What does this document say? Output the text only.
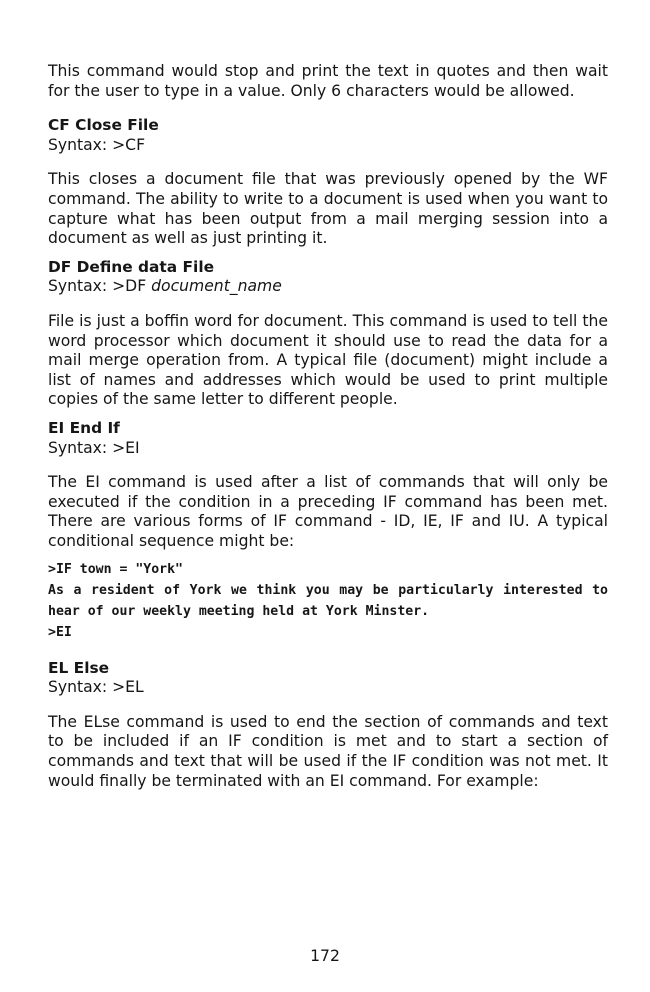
This command would stop and print the text in quotes and then wait for the user to type in a value. Only 6 characters would be allowed.

CF Close File

Syntax: >CF

This closes a document file that was previously opened by the WF command. The ability to write to a document is used when you want to capture what has been output from a mail merging session into a document as well as just printing it.

DF Define data File

Syntax: >DF document_name

File is just a boffin word for document. This command is used to tell the word processor which document it should use to read the data for a mail merge operation from. A typical file (document) might include a list of names and addresses which would be used to print multiple copies of the same letter to different people.

EI End If

Syntax: >EI

The EI command is used after a list of commands that will only be executed if the condition in a preceding IF command has been met. There are various forms of IF command - ID, IE, IF and IU. A typical conditional sequence might be:

>IF town = "York"

As a resident of York we think you may be particularly interested to hear of our weekly meeting held at York Minster.

>EI

EL Else

Syntax: >EL

The ELse command is used to end the section of commands and text to be included if an IF condition is met and to start a section of commands and text that will be used if the IF condition was not met. It would finally be terminated with an EI command. For example:

172
